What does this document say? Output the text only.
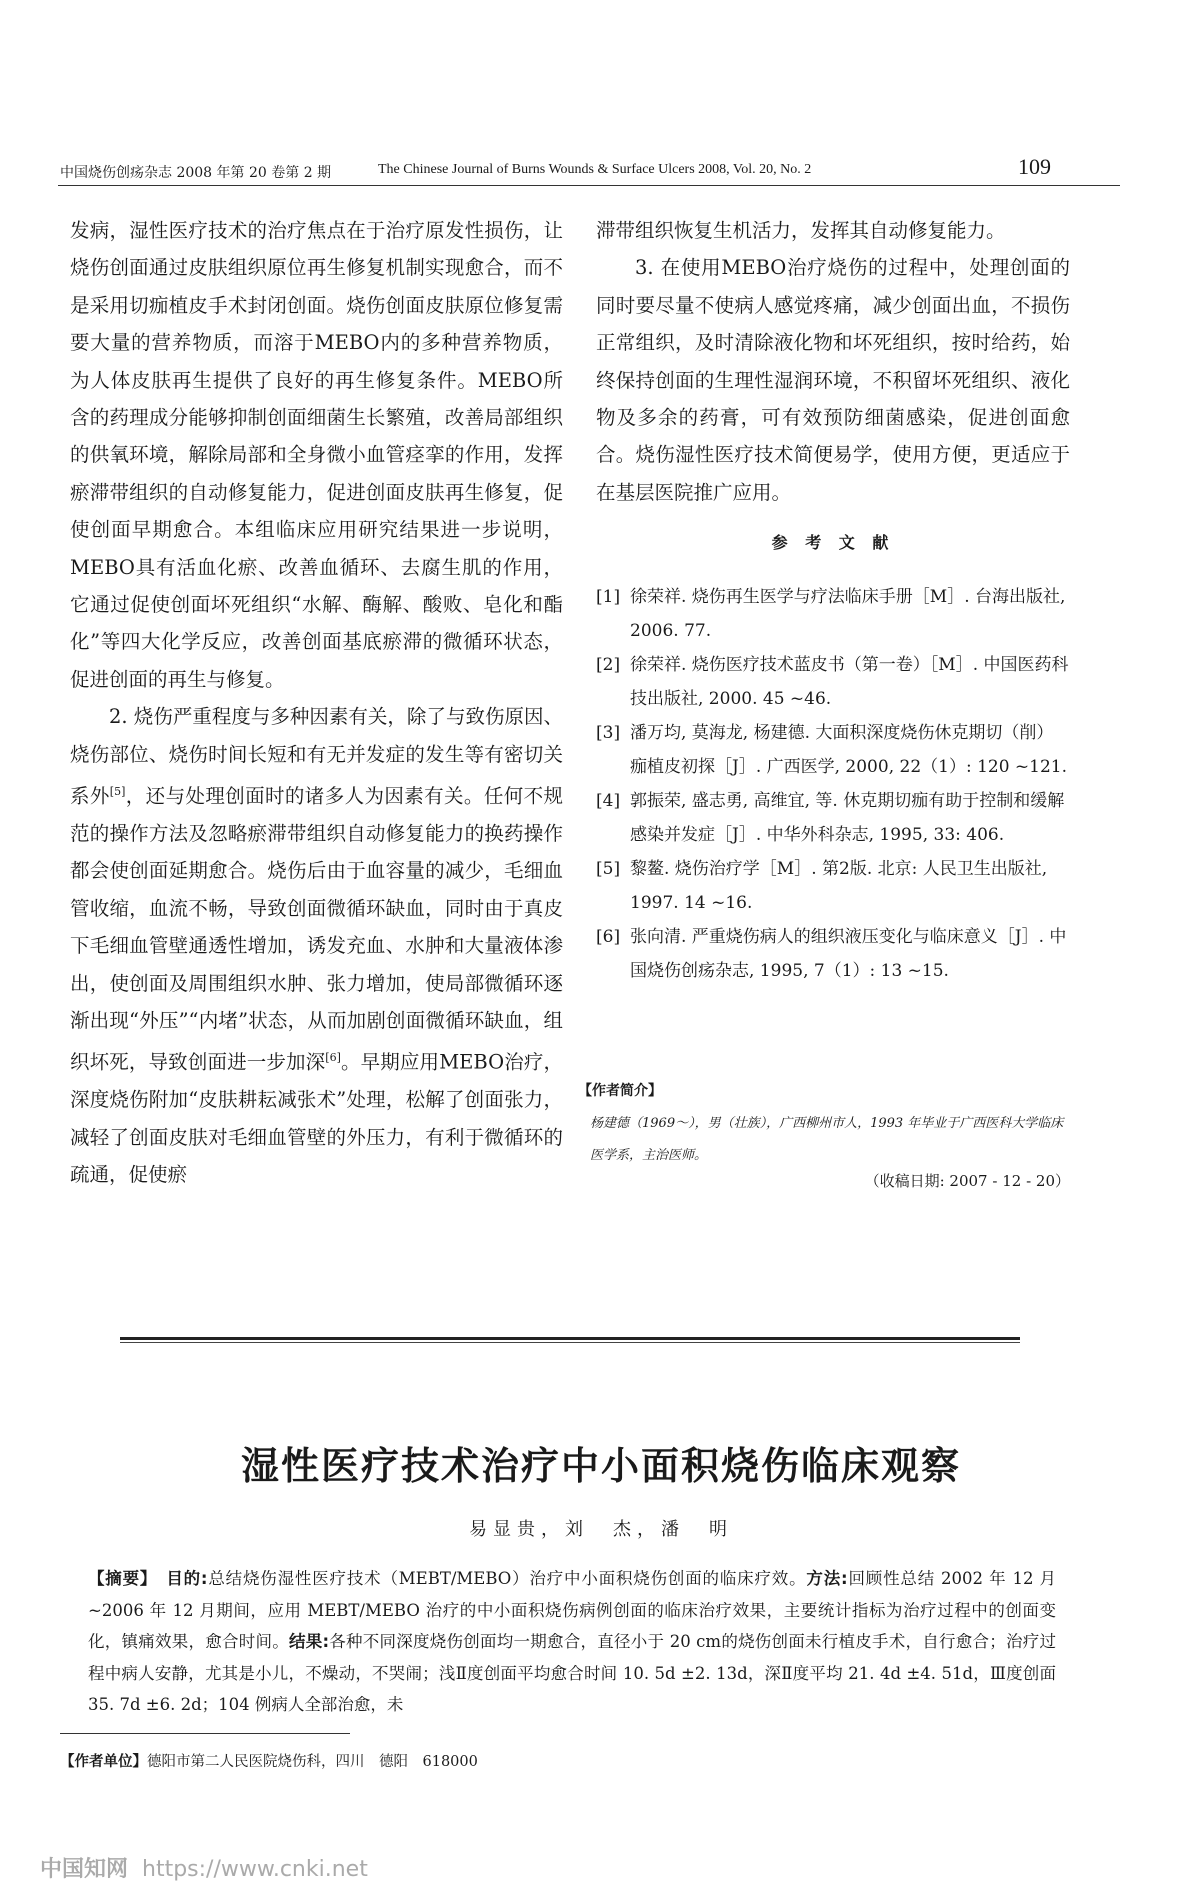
中国烧伤创疡杂志 2008 年第 20 卷第 2 期	The Chinese Journal of Burns Wounds & Surface Ulcers 2008, Vol. 20, No. 2	109

发病，湿性医疗技术的治疗焦点在于治疗原发性损伤，让烧伤创面通过皮肤组织原位再生修复机制实现愈合，而不是采用切痂植皮手术封闭创面。烧伤创面皮肤原位修复需要大量的营养物质，而溶于MEBO内的多种营养物质，为人体皮肤再生提供了良好的再生修复条件。MEBO所含的药理成分能够抑制创面细菌生长繁殖，改善局部组织的供氧环境，解除局部和全身微小血管痉挛的作用，发挥瘀滞带组织的自动修复能力，促进创面皮肤再生修复，促使创面早期愈合。本组临床应用研究结果进一步说明，MEBO具有活血化瘀、改善血循环、去腐生肌的作用，它通过促使创面坏死组织“水解、酶解、酸败、皂化和酯化”等四大化学反应，改善创面基底瘀滞的微循环状态，促进创面的再生与修复。

2. 烧伤严重程度与多种因素有关，除了与致伤原因、烧伤部位、烧伤时间长短和有无并发症的发生等有密切关系外[5]，还与处理创面时的诸多人为因素有关。任何不规范的操作方法及忽略瘀滞带组织自动修复能力的换药操作都会使创面延期愈合。烧伤后由于血容量的减少，毛细血管收缩，血流不畅，导致创面微循环缺血，同时由于真皮下毛细血管壁通透性增加，诱发充血、水肿和大量液体渗出，使创面及周围组织水肿、张力增加，使局部微循环逐渐出现“外压”“内堵”状态，从而加剧创面微循环缺血，组织坏死，导致创面进一步加深[6]。早期应用MEBO治疗，深度烧伤附加“皮肤耕耘减张术”处理，松解了创面张力，减轻了创面皮肤对毛细血管壁的外压力，有利于微循环的疏通，促使瘀

滞带组织恢复生机活力，发挥其自动修复能力。

3. 在使用MEBO治疗烧伤的过程中，处理创面的同时要尽量不使病人感觉疼痛，减少创面出血，不损伤正常组织，及时清除液化物和坏死组织，按时给药，始终保持创面的生理性湿润环境，不积留坏死组织、液化物及多余的药膏，可有效预防细菌感染，促进创面愈合。烧伤湿性医疗技术简便易学，使用方便，更适应于在基层医院推广应用。

参 考 文 献
[1] 徐荣祥. 烧伤再生医学与疗法临床手册［M］. 台海出版社, 2006. 77.
[2] 徐荣祥. 烧伤医疗技术蓝皮书（第一卷）［M］. 中国医药科技出版社, 2000. 45 ~46.
[3] 潘万均, 莫海龙, 杨建德. 大面积深度烧伤休克期切（削）痂植皮初探［J］. 广西医学, 2000, 22（1）: 120 ~121.
[4] 郭振荣, 盛志勇, 高维宜, 等. 休克期切痂有助于控制和缓解感染并发症［J］. 中华外科杂志, 1995, 33: 406.
[5] 黎鳌. 烧伤治疗学［M］. 第2版. 北京: 人民卫生出版社, 1997. 14 ~16.
[6] 张向清. 严重烧伤病人的组织液压变化与临床意义［J］. 中国烧伤创疡杂志, 1995, 7（1）: 13 ~15.
【作者简介】
杨建德（1969～），男（壮族），广西柳州市人，1993 年毕业于广西医科大学临床医学系，主治医师。
（收稿日期: 2007 - 12 - 20）
湿性医疗技术治疗中小面积烧伤临床观察
易显贵，刘　杰，潘　明
【摘要】　 目的:总结烧伤湿性医疗技术（MEBT/MEBO）治疗中小面积烧伤创面的临床疗效。方法:回顾性总结 2002 年 12 月 ~2006 年 12 月期间，应用 MEBT/MEBO 治疗的中小面积烧伤病例创面的临床治疗效果，主要统计指标为治疗过程中的创面变化，镇痛效果，愈合时间。结果:各种不同深度烧伤创面均一期愈合，直径小于 20 cm的烧伤创面未行植皮手术，自行愈合；治疗过程中病人安静，尤其是小儿，不燥动，不哭闹；浅Ⅱ度创面平均愈合时间 10. 5d ±2. 13d，深Ⅱ度平均 21. 4d ±4. 51d，Ⅲ度创面 35. 7d ±6. 2d；104 例病人全部治愈，未
【作者单位】德阳市第二人民医院烧伤科，四川　德阳　618000
中国知网 https://www.cnki.net
